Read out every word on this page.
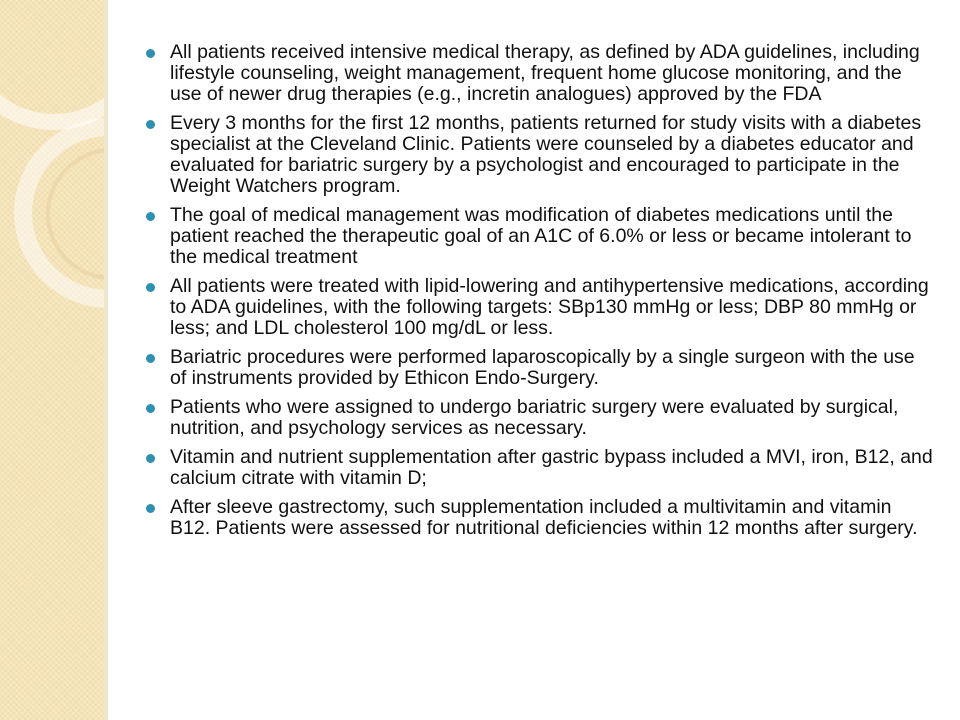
All patients received intensive medical therapy, as defined by ADA guidelines, including lifestyle counseling, weight management, frequent home glucose monitoring, and the use of newer drug therapies (e.g., incretin analogues) approved by the FDA
Every 3 months for the first 12 months, patients returned for study visits with a diabetes specialist at the Cleveland Clinic. Patients were counseled by a diabetes educator and evaluated for bariatric surgery by a psychologist and encouraged to participate in the Weight Watchers program.
The goal of medical management was modification of diabetes medications until the patient reached the therapeutic goal of an A1C of 6.0% or less or became intolerant to the medical treatment
All patients were treated with lipid-lowering and antihypertensive medications, according to ADA guidelines, with the following targets: SBp130 mmHg or less; DBP 80 mmHg or less; and LDL cholesterol 100 mg/dL or less.
Bariatric procedures were performed laparoscopically by a single surgeon with the use of instruments provided by Ethicon Endo-Surgery.
Patients who were assigned to undergo bariatric surgery were evaluated by surgical, nutrition, and psychology services as necessary.
Vitamin and nutrient supplementation after gastric bypass included a MVI, iron, B12, and calcium citrate with vitamin D;
After sleeve gastrectomy, such supplementation included a multivitamin and vitamin B12. Patients were assessed for nutritional deficiencies within 12 months after surgery.
